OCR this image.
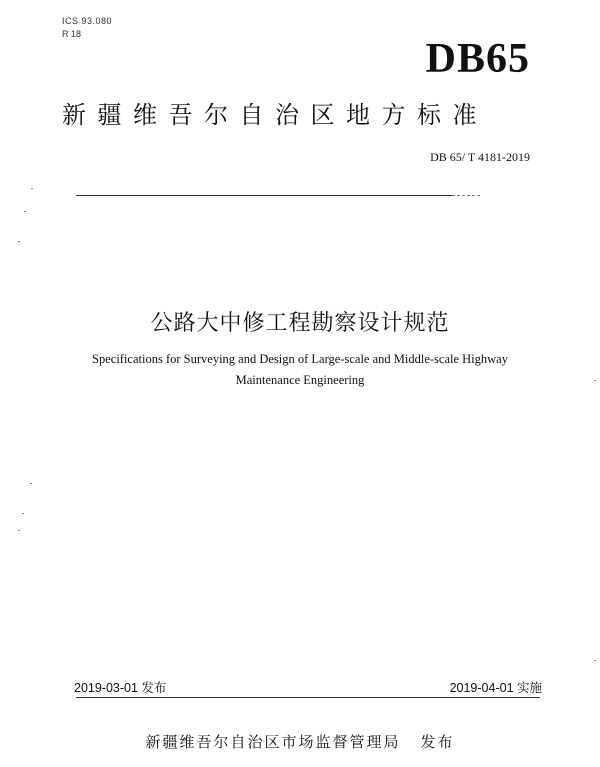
ICS 93.080
R 18
DB65
新疆维吾尔自治区地方标准
DB 65/ T 4181-2019
公路大中修工程勘察设计规范
Specifications for Surveying and Design of Large-scale and Middle-scale Highway
Maintenance Engineering
2019-03-01 发布	2019-04-01 实施
新疆维吾尔自治区市场监督管理局 发布
